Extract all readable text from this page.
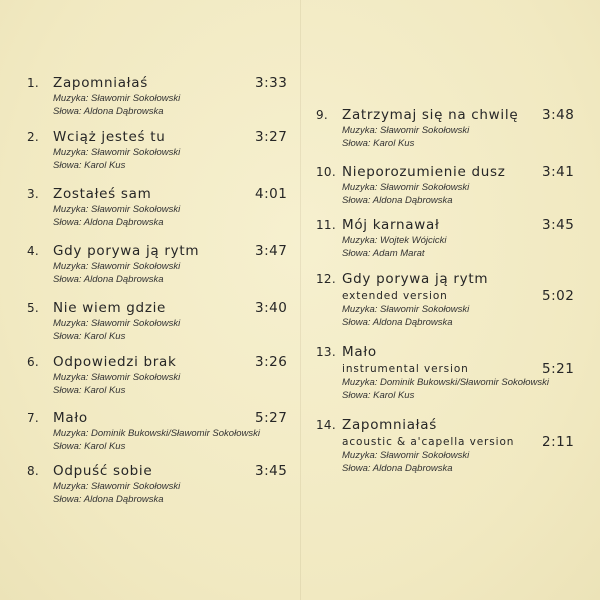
1. Zapomniałaś	3:33
Muzyka: Sławomir Sokołowski
Słowa: Aldona Dąbrowska
2. Wciąż jesteś tu	3:27
Muzyka: Sławomir Sokołowski
Słowa: Karol Kus
3. Zostałeś sam	4:01
Muzyka: Sławomir Sokołowski
Słowa: Aldona Dąbrowska
4. Gdy porywa ją rytm	3:47
Muzyka: Sławomir Sokołowski
Słowa: Aldona Dąbrowska
5. Nie wiem gdzie	3:40
Muzyka: Sławomir Sokołowski
Słowa: Karol Kus
6. Odpowiedzi brak	3:26
Muzyka: Sławomir Sokołowski
Słowa: Karol Kus
7. Mało	5:27
Muzyka: Dominik Bukowski/Sławomir Sokołowski
Słowa: Karol Kus
8. Odpuść sobie	3:45
Muzyka: Sławomir Sokołowski
Słowa: Aldona Dąbrowska
9. Zatrzymaj się na chwilę 3:48
Muzyka: Sławomir Sokołowski
Słowa: Karol Kus
10. Nieporozumienie dusz	3:41
Muzyka: Sławomir Sokołowski
Słowa: Aldona Dąbrowska
11. Mój karnawał	3:45
Muzyka: Wojtek Wójcicki
Słowa: Adam Marat
12. Gdy porywa ją rytm
extended version	5:02
Muzyka: Sławomir Sokołowski
Słowa: Aldona Dąbrowska
13. Mało
instrumental version	5:21
Muzyka: Dominik Bukowski/Sławomir Sokołowski
Słowa: Karol Kus
14. Zapomniałaś
acoustic & a'capella version 2:11
Muzyka: Sławomir Sokołowski
Słowa: Aldona Dąbrowska
